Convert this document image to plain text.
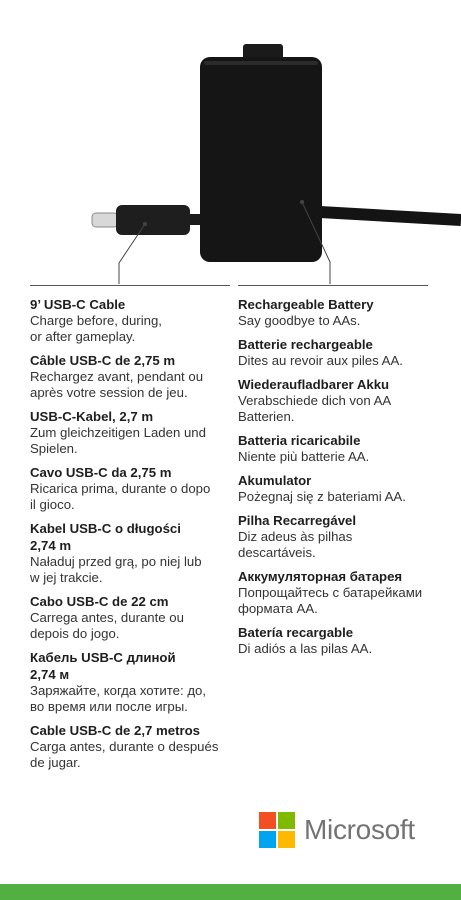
9’ USB-C Cable

Charge before, during,
or after gameplay.

Câble USB-C de 2,75 m

Rechargez avant, pendant ou
après votre session de jeu.

USB-C-Kabel, 2,7 m

Zum gleichzeitigen Laden und
Spielen.

Cavo USB-C da 2,75 m

Ricarica prima, durante o dopo
il gioco.

Kabel USB-C o długości
2,74 m

Naładuj przed grą, po niej lub
w jej trakcie.

Cabo USB-C de 22 cm

Carrega antes, durante ou
depois do jogo.

Кабель USB-C длиной
2,74 м

Заряжайте, когда хотите: до,
во время или после игры.

Cable USB-C de 2,7 metros

Carga antes, durante o después
de jugar.

Rechargeable Battery

Say goodbye to AAs.

Batterie rechargeable

Dites au revoir aux piles AA.

Wiederaufladbarer Akku

Verabschiede dich von AA
Batterien.

Batteria ricaricabile

Niente più batterie AA.

Akumulator

Pożegnaj się z bateriami AA.

Pilha Recarregável

Diz adeus às pilhas
descartáveis.

Аккумуляторная батарея

Попрощайтесь с батарейками
формата AA.

Batería recargable

Di adiós a las pilas AA.

Microsoft
